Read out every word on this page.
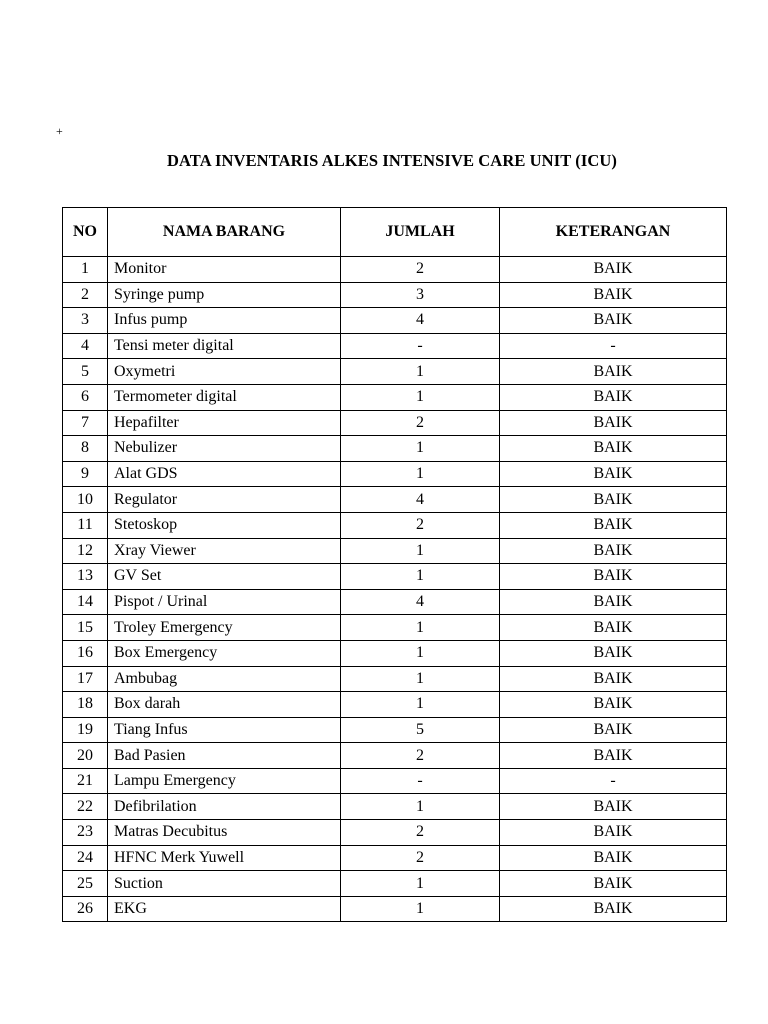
+
DATA INVENTARIS ALKES INTENSIVE CARE UNIT (ICU)
NO	NAMA BARANG	JUMLAH	KETERANGAN
1	Monitor	2	BAIK
2	Syringe pump	3	BAIK
3	Infus pump	4	BAIK
4	Tensi meter digital	-	-
5	Oxymetri	1	BAIK
6	Termometer digital	1	BAIK
7	Hepafilter	2	BAIK
8	Nebulizer	1	BAIK
9	Alat GDS	1	BAIK
10	Regulator	4	BAIK
11	Stetoskop	2	BAIK
12	Xray Viewer	1	BAIK
13	GV Set	1	BAIK
14	Pispot / Urinal	4	BAIK
15	Troley Emergency	1	BAIK
16	Box Emergency	1	BAIK
17	Ambubag	1	BAIK
18	Box darah	1	BAIK
19	Tiang Infus	5	BAIK
20	Bad Pasien	2	BAIK
21	Lampu Emergency	-	-
22	Defibrilation	1	BAIK
23	Matras Decubitus	2	BAIK
24	HFNC Merk Yuwell	2	BAIK
25	Suction	1	BAIK
26	EKG	1	BAIK
